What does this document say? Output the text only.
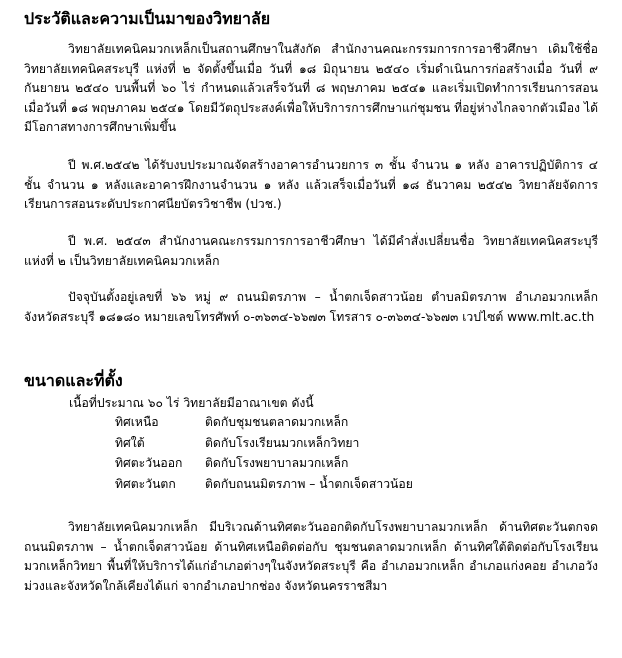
ประวัติและความเป็นมาของวิทยาลัย

วิทยาลัยเทคนิคมวกเหล็กเป็นสถานศึกษาในสังกัด สำนักงานคณะกรรมการการอาชีวศึกษา เดิมใช้ชื่อ วิทยาลัยเทคนิคสระบุรี แห่งที่ ๒ จัดตั้งขึ้นเมื่อ วันที่ ๑๘ มิถุนายน ๒๕๔๐ เริ่มดำเนินการก่อสร้างเมื่อ วันที่ ๙ กันยายน ๒๕๔๐ บนพื้นที่ ๖๐ ไร่ กำหนดแล้วเสร็จวันที่ ๘ พฤษภาคม ๒๕๔๑ และเริ่มเปิดทำการเรียนการสอน เมื่อวันที่ ๑๘ พฤษภาคม ๒๕๔๑ โดยมีวัตถุประสงค์เพื่อให้บริการการศึกษาแก่ชุมชน ที่อยู่ห่างไกลจากตัวเมือง ได้มีโอกาสทางการศึกษาเพิ่มขึ้น

ปี พ.ศ.๒๕๔๒ ได้รับงบประมาณจัดสร้างอาคารอำนวยการ ๓ ชั้น จำนวน ๑ หลัง อาคารปฏิบัติการ ๔ ชั้น จำนวน ๑ หลังและอาคารฝึกงานจำนวน ๑ หลัง แล้วเสร็จเมื่อวันที่ ๑๘ ธันวาคม ๒๕๔๒ วิทยาลัยจัดการเรียนการสอนระดับประกาศนียบัตรวิชาชีพ (ปวช.)

ปี พ.ศ. ๒๕๔๓ สำนักงานคณะกรรมการการอาชีวศึกษา ได้มีคำสั่งเปลี่ยนชื่อ วิทยาลัยเทคนิคสระบุรี แห่งที่ ๒ เป็นวิทยาลัยเทคนิคมวกเหล็ก

ปัจจุบันตั้งอยู่เลขที่ ๖๖ หมู่ ๙ ถนนมิตรภาพ – น้ำตกเจ็ดสาวน้อย ตำบลมิตรภาพ อำเภอมวกเหล็ก จังหวัดสระบุรี ๑๘๑๘๐ หมายเลขโทรศัพท์ ๐-๓๖๓๔-๖๖๗๓ โทรสาร ๐-๓๖๓๔-๖๖๗๓ เวปไซต์ www.mlt.ac.th

ขนาดและที่ตั้ง
เนื้อที่ประมาณ ๖๐ ไร่ วิทยาลัยมีอาณาเขต ดังนี้
ทิศเหนือ	ติดกับชุมชนตลาดมวกเหล็ก
ทิศใต้	ติดกับโรงเรียนมวกเหล็กวิทยา
ทิศตะวันออก	ติดกับโรงพยาบาลมวกเหล็ก
ทิศตะวันตก	ติดกับถนนมิตรภาพ – น้ำตกเจ็ดสาวน้อย

วิทยาลัยเทคนิคมวกเหล็ก มีบริเวณด้านทิศตะวันออกติดกับโรงพยาบาลมวกเหล็ก ด้านทิศตะวันตกจดถนนมิตรภาพ – น้ำตกเจ็ดสาวน้อย ด้านทิศเหนือติดต่อกับ ชุมชนตลาดมวกเหล็ก ด้านทิศใต้ติดต่อกับโรงเรียนมวกเหล็กวิทยา พื้นที่ให้บริการได้แก่อำเภอต่างๆในจังหวัดสระบุรี คือ อำเภอมวกเหล็ก อำเภอแก่งคอย อำเภอวังม่วงและจังหวัดใกล้เคียงได้แก่ จากอำเภอปากช่อง จังหวัดนครราชสีมา
